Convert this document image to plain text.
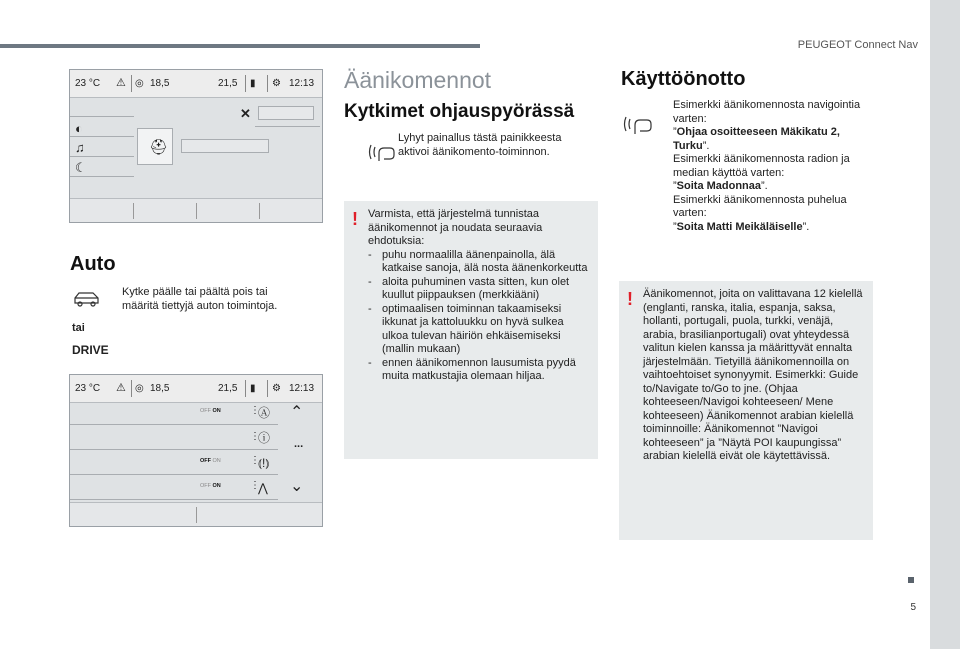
PEUGEOT Connect Nav
5
23 °C ⚠ ◎ 18,5	21,5 ▮ ⚙ 12:13
✕
◐
♫
☾
⛑
Auto
Kytke päälle tai päältä pois tai määritä tiettyjä auton toimintoja.
tai
DRIVE
23 °C ⚠ ◎ 18,5	21,5 ▮ ⚙ 12:13
OFF ON	⋮
Ⓐ ⌃
⋮
ⓘ ...
OFF ON	⋮
⦅!⦆
OFF ON	⋮
⋀ ⌄
Äänikomennot
Kytkimet ohjauspyörässä
Lyhyt painallus tästä painikkeesta aktivoi äänikomento-toiminnon.
! Varmista, että järjestelmä tunnistaa äänikomennot ja noudata seuraavia ehdotuksia:
- puhu normaalilla äänenpainolla, älä katkaise sanoja, älä nosta äänenkorkeutta
- aloita puhuminen vasta sitten, kun olet kuullut piippauksen (merkkiääni)
- optimaalisen toiminnan takaamiseksi ikkunat ja kattoluukku on hyvä sulkea ulkoa tulevan häiriön ehkäisemiseksi (mallin mukaan)
- ennen äänikomennon lausumista pyydä muita matkustajia olemaan hiljaa.
Käyttöönotto
Esimerkki äänikomennosta navigointia varten:
”Ohjaa osoitteeseen Mäkikatu 2, Turku”.
Esimerkki äänikomennosta radion ja median käyttöä varten:
”Soita Madonnaa”.
Esimerkki äänikomennosta puhelua varten:
”Soita Matti Meikäläiselle”.
! Äänikomennot, joita on valittavana 12 kielellä (englanti, ranska, italia, espanja, saksa, hollanti, portugali, puola, turkki, venäjä, arabia, brasilianportugali) ovat yhteydessä valitun kielen kanssa ja määrittyvät ennalta järjestelmään. Tietyillä äänikomennoilla on vaihtoehtoiset synonyymit. Esimerkki: Guide to/Navigate to/Go to jne. (Ohjaa kohteeseen/Navigoi kohteeseen/ Mene kohteeseen) Äänikomennot arabian kielellä toiminnoille: Äänikomennot ”Navigoi kohteeseen” ja ”Näytä POI kaupungissa” arabian kielellä eivät ole käytettävissä.
